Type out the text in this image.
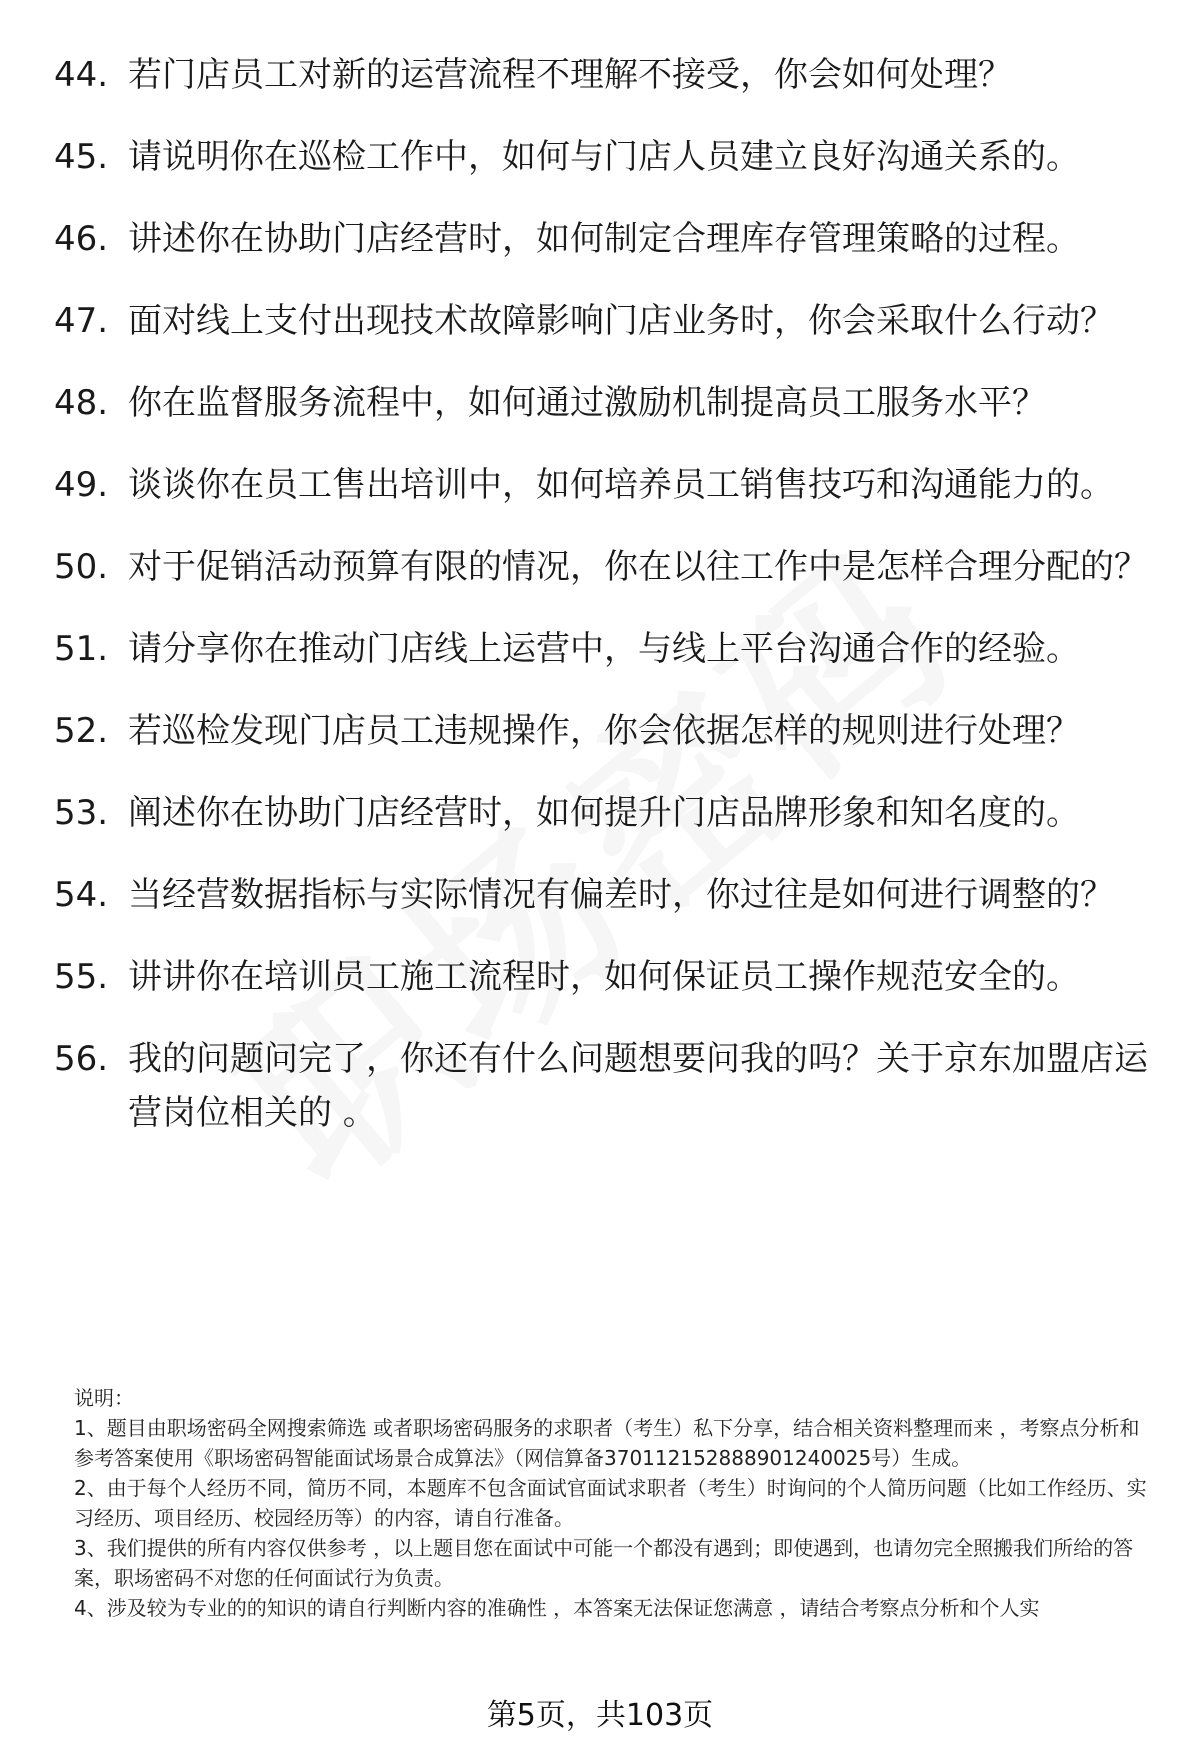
44. 若门店员工对新的运营流程不理解不接受，你会如何处理？
45. 请说明你在巡检工作中，如何与门店人员建立良好沟通关系的。
46. 讲述你在协助门店经营时，如何制定合理库存管理策略的过程。
47. 面对线上支付出现技术故障影响门店业务时，你会采取什么行动？
48. 你在监督服务流程中，如何通过激励机制提高员工服务水平？
49. 谈谈你在员工售出培训中，如何培养员工销售技巧和沟通能力的。
50. 对于促销活动预算有限的情况，你在以往工作中是怎样合理分配的？
51. 请分享你在推动门店线上运营中，与线上平台沟通合作的经验。
52. 若巡检发现门店员工违规操作，你会依据怎样的规则进行处理？
53. 阐述你在协助门店经营时，如何提升门店品牌形象和知名度的。
54. 当经营数据指标与实际情况有偏差时，你过往是如何进行调整的？
55. 讲讲你在培训员工施工流程时，如何保证员工操作规范安全的。
56. 我的问题问完了，你还有什么问题想要问我的吗？关于京东加盟店运营岗位相关的 。

说明：

1、题目由职场密码全网搜索筛选 或者职场密码服务的求职者（考生）私下分享，结合相关资料整理而来 ，考察点分析和参考答案使用《职场密码智能面试场景合成算法》（网信算备370112152888901240025号）生成。

2、由于每个人经历不同，简历不同，本题库不包含面试官面试求职者（考生）时询问的个人简历问题（比如工作经历、实习经历、项目经历、校园经历等）的内容，请自行准备。

3、我们提供的所有内容仅供参考 ，以上题目您在面试中可能一个都没有遇到；即使遇到，也请勿完全照搬我们所给的答案，职场密码不对您的任何面试行为负责。

4、涉及较为专业的的知识的请自行判断内容的准确性 ，本答案无法保证您满意 ，请结合考察点分析和个人实

第5页，共103页
